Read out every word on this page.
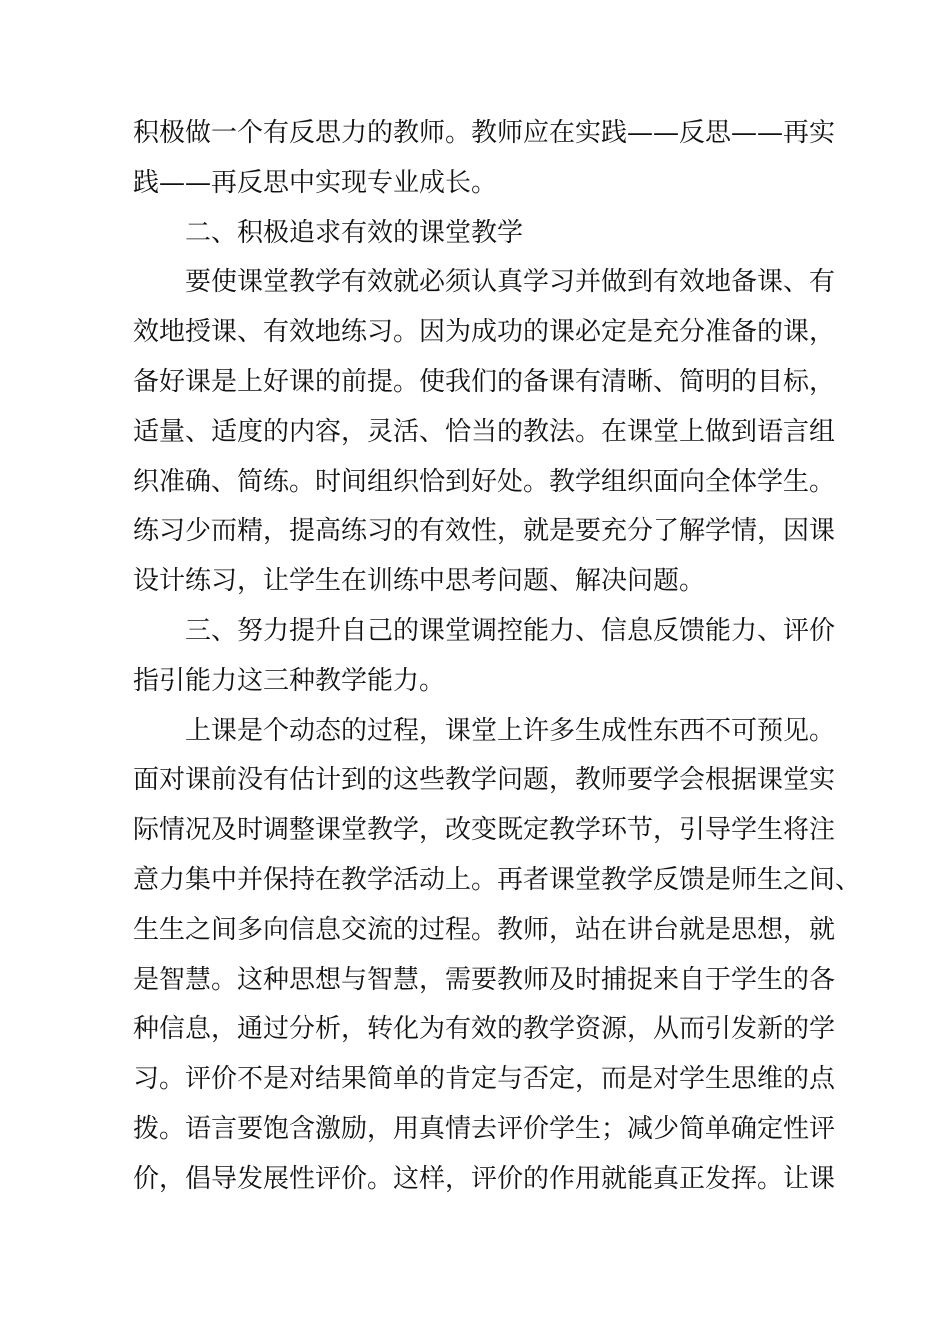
积极做一个有反思力的教师。教师应在实践——反思——再实
践——再反思中实现专业成长。
二、积极追求有效的课堂教学
要使课堂教学有效就必须认真学习并做到有效地备课、有
效地授课、有效地练习。因为成功的课必定是充分准备的课，
备好课是上好课的前提。使我们的备课有清晰、简明的目标，
适量、适度的内容，灵活、恰当的教法。在课堂上做到语言组
织准确、简练。时间组织恰到好处。教学组织面向全体学生。
练习少而精，提高练习的有效性，就是要充分了解学情，因课
设计练习，让学生在训练中思考问题、解决问题。
三、努力提升自己的课堂调控能力、信息反馈能力、评价
指引能力这三种教学能力。
上课是个动态的过程，课堂上许多生成性东西不可预见。
面对课前没有估计到的这些教学问题，教师要学会根据课堂实
际情况及时调整课堂教学，改变既定教学环节，引导学生将注
意力集中并保持在教学活动上。再者课堂教学反馈是师生之间、
生生之间多向信息交流的过程。教师，站在讲台就是思想，就
是智慧。这种思想与智慧，需要教师及时捕捉来自于学生的各
种信息，通过分析，转化为有效的教学资源，从而引发新的学
习。评价不是对结果简单的肯定与否定，而是对学生思维的点
拨。语言要饱含激励，用真情去评价学生；减少简单确定性评
价，倡导发展性评价。这样，评价的作用就能真正发挥。让课
